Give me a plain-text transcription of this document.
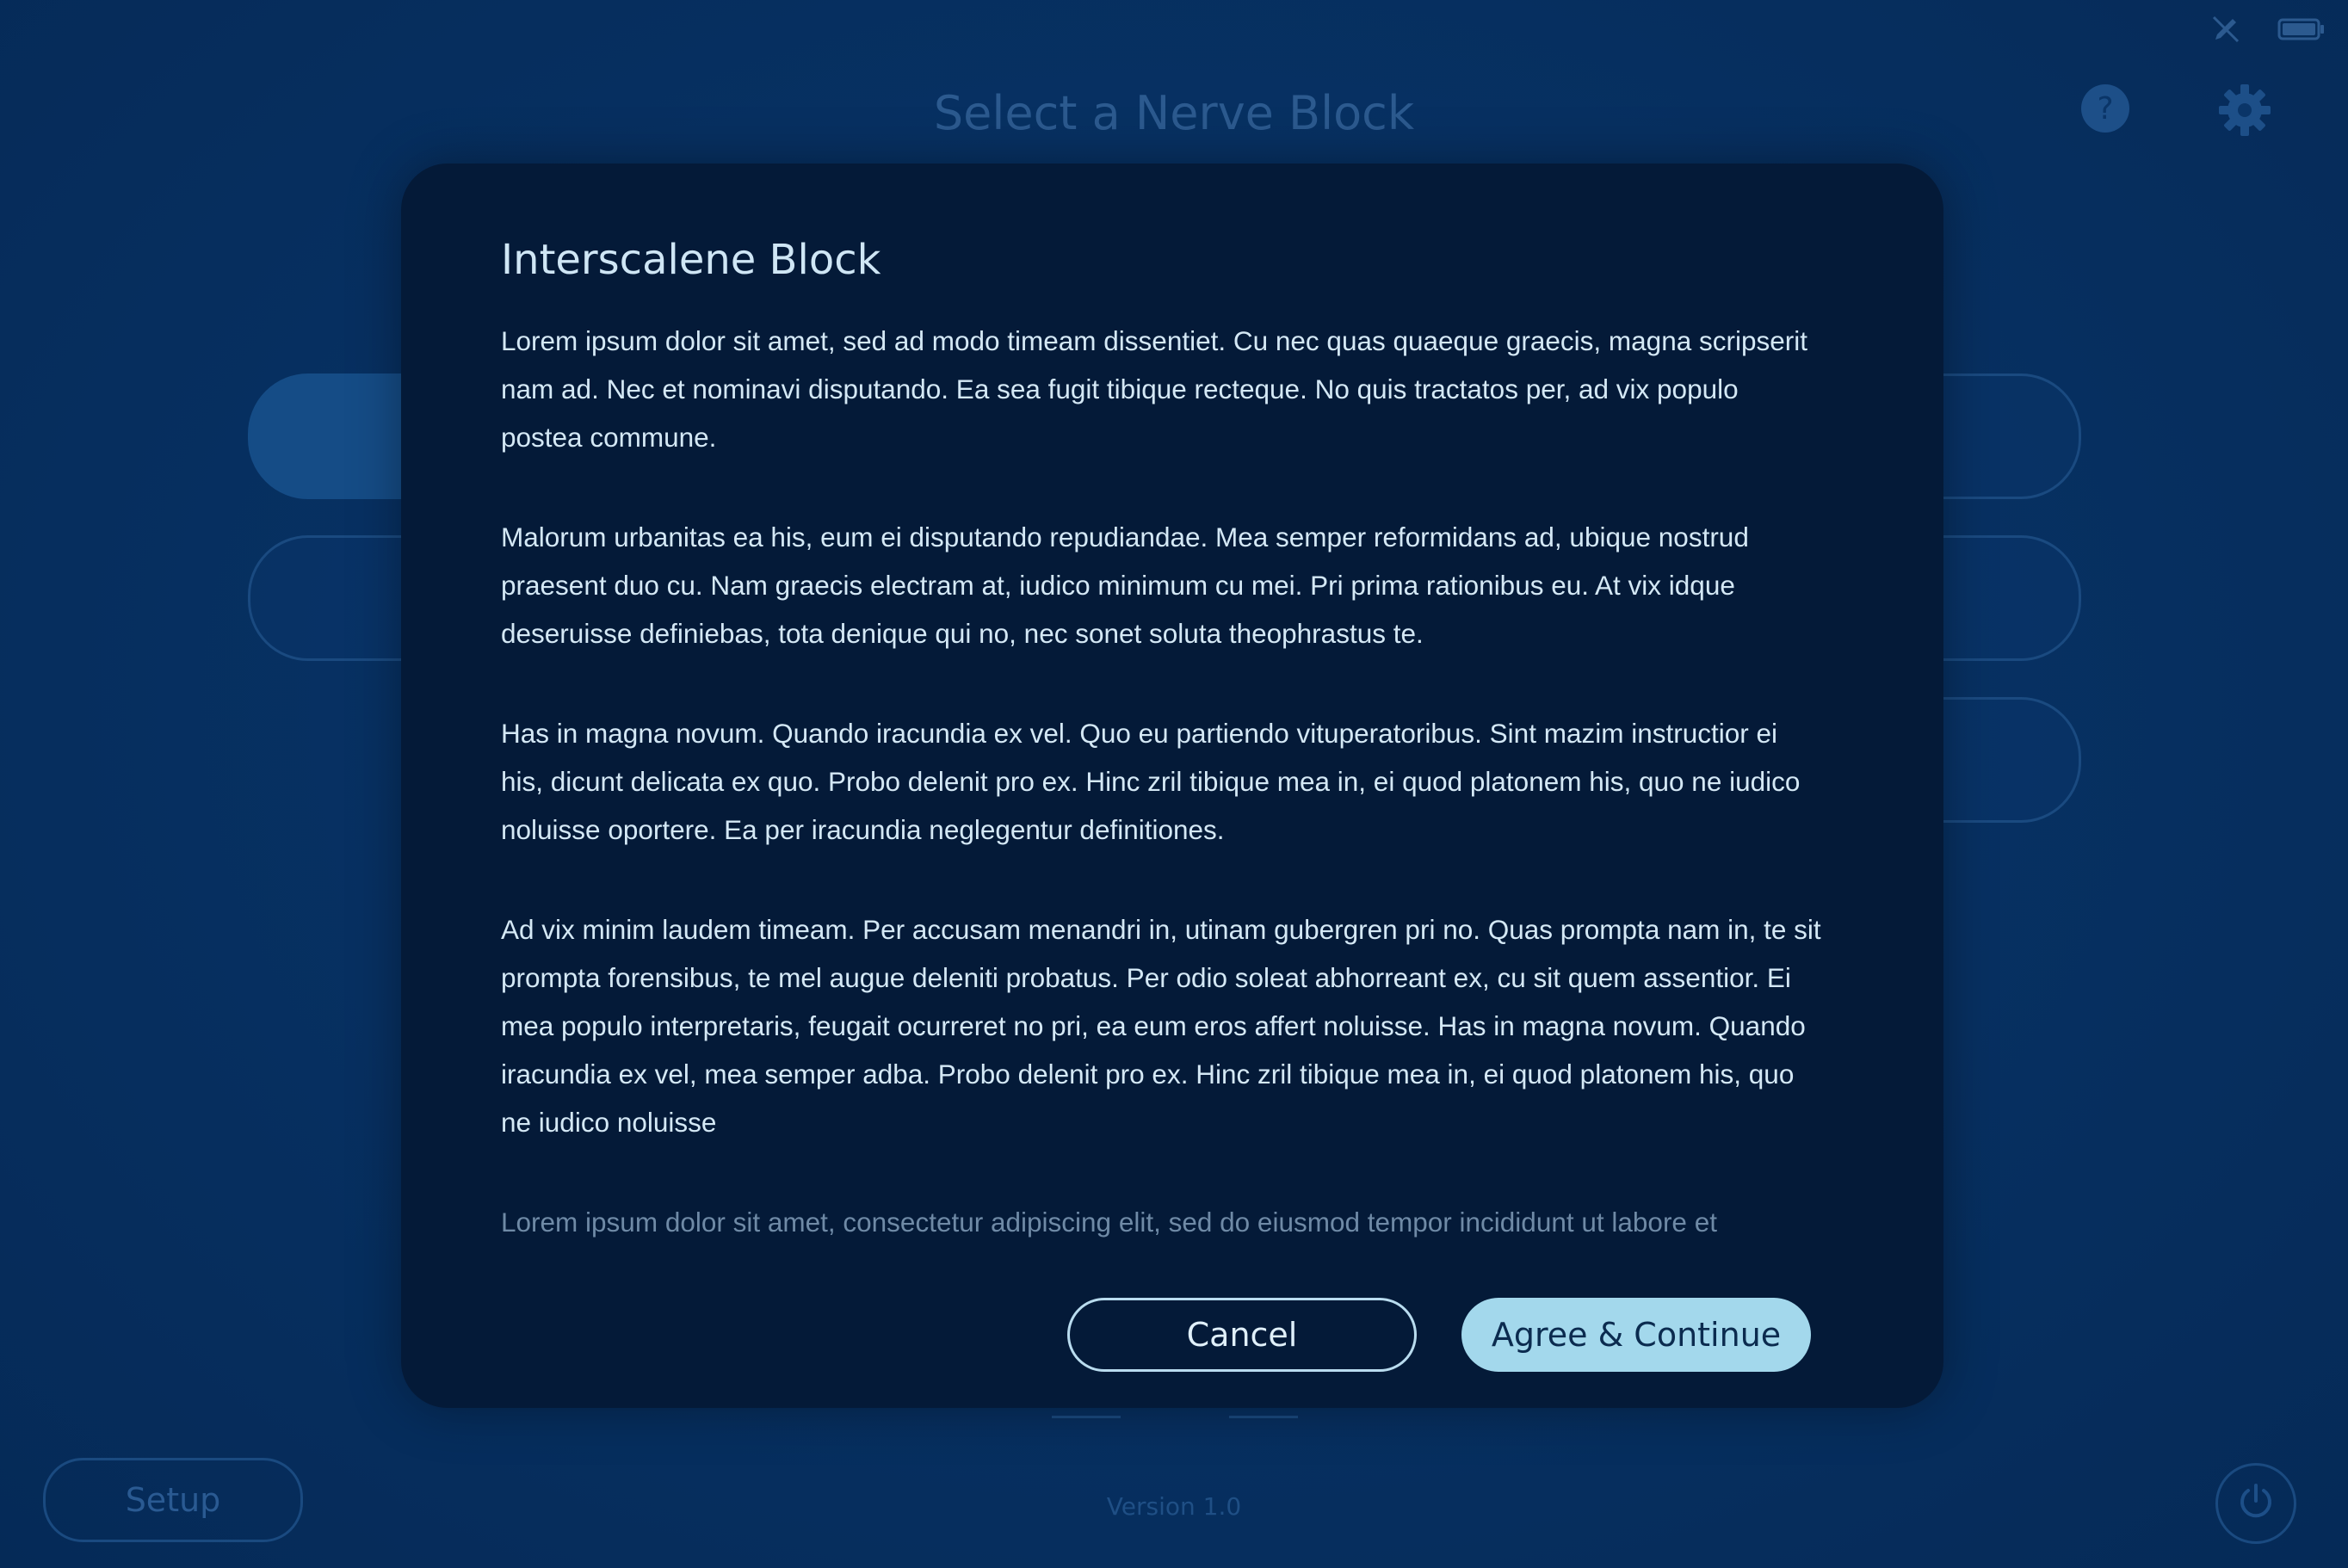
Select a Nerve Block	?
Setup	Version 1.0
Interscalene Block

Lorem ipsum dolor sit amet, sed ad modo timeam dissentiet. Cu nec quas quaeque graecis, magna scripserit nam ad. Nec et nominavi disputando. Ea sea fugit tibique recteque. No quis tractatos per, ad vix populo postea commune.

Malorum urbanitas ea his, eum ei disputando repudiandae. Mea semper reformidans ad, ubique nostrud praesent duo cu. Nam graecis electram at, iudico minimum cu mei. Pri prima rationibus eu. At vix idque deseruisse definiebas, tota denique qui no, nec sonet soluta theophrastus te.

Has in magna novum. Quando iracundia ex vel. Quo eu partiendo vituperatoribus. Sint mazim instructior ei his, dicunt delicata ex quo. Probo delenit pro ex. Hinc zril tibique mea in, ei quod platonem his, quo ne iudico noluisse oportere. Ea per iracundia neglegentur definitiones.

Ad vix minim laudem timeam. Per accusam menandri in, utinam gubergren pri no. Quas prompta nam in, te sit prompta forensibus, te mel augue deleniti probatus. Per odio soleat abhorreant ex, cu sit quem assentior. Ei mea populo interpretaris, feugait ocurreret no pri, ea eum eros affert noluisse. Has in magna novum. Quando iracundia ex vel, mea semper adba. Probo delenit pro ex. Hinc zril tibique mea in, ei quod platonem his, quo ne iudico noluisse

Lorem ipsum dolor sit amet, consectetur adipiscing elit, sed do eiusmod tempor incididunt ut labore et

Cancel	Agree & Continue
